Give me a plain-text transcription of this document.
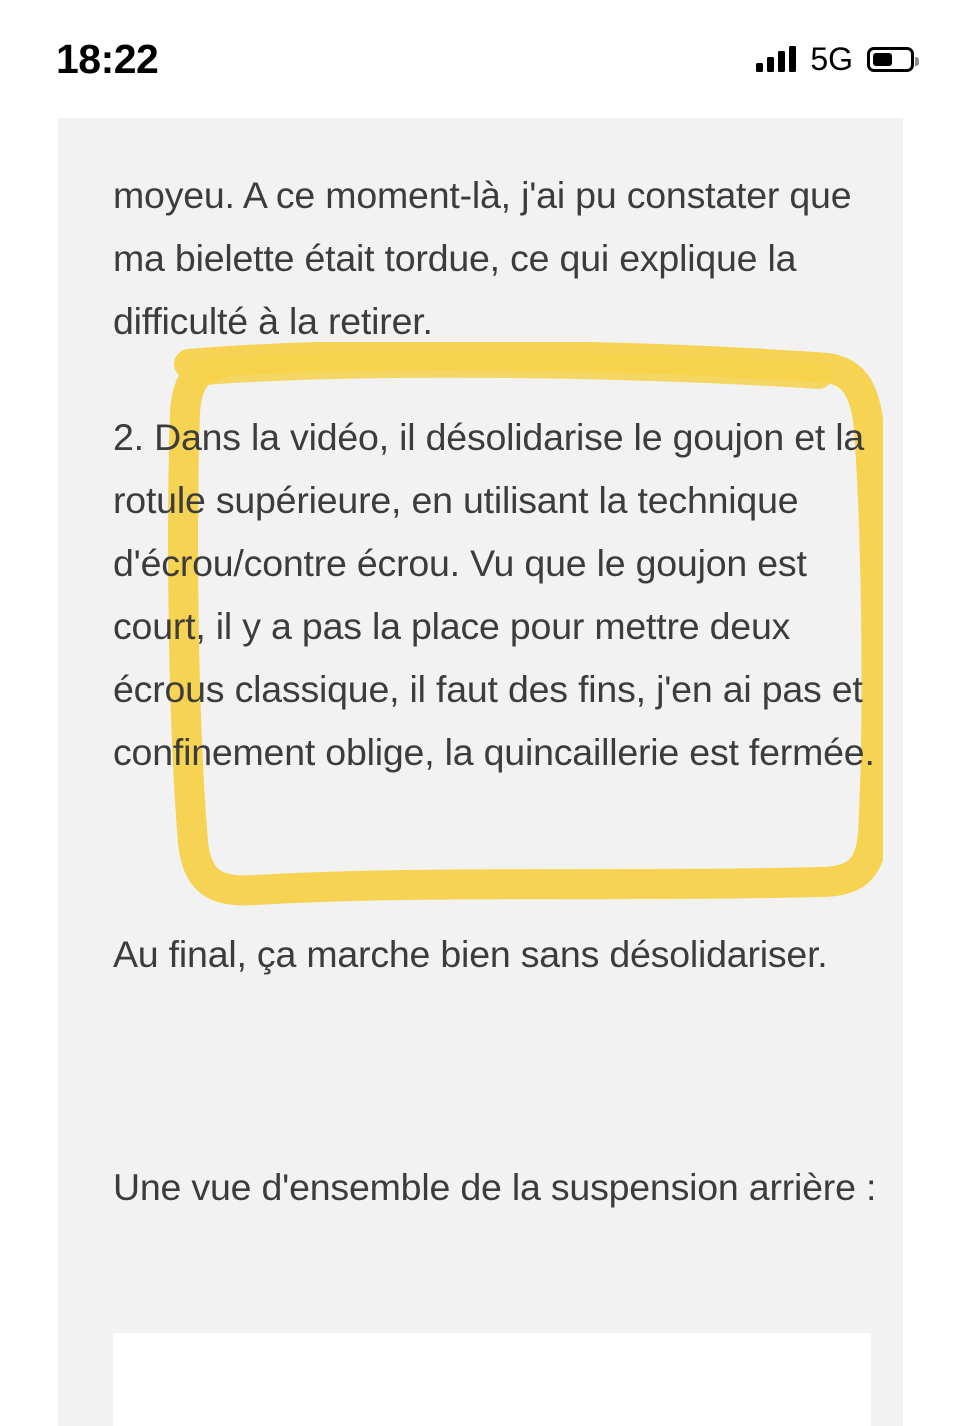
18:22	5G

moyeu. A ce moment-là, j'ai pu constater que ma bielette était tordue, ce qui explique la difficulté à la retirer.

2. Dans la vidéo, il désolidarise le goujon et la rotule supérieure, en utilisant la technique d'écrou/contre écrou. Vu que le goujon est court, il y a pas la place pour mettre deux écrous classique, il faut des fins, j'en ai pas et confinement oblige, la quincaillerie est fermée.

Au final, ça marche bien sans désolidariser.

Une vue d'ensemble de la suspension arrière :
